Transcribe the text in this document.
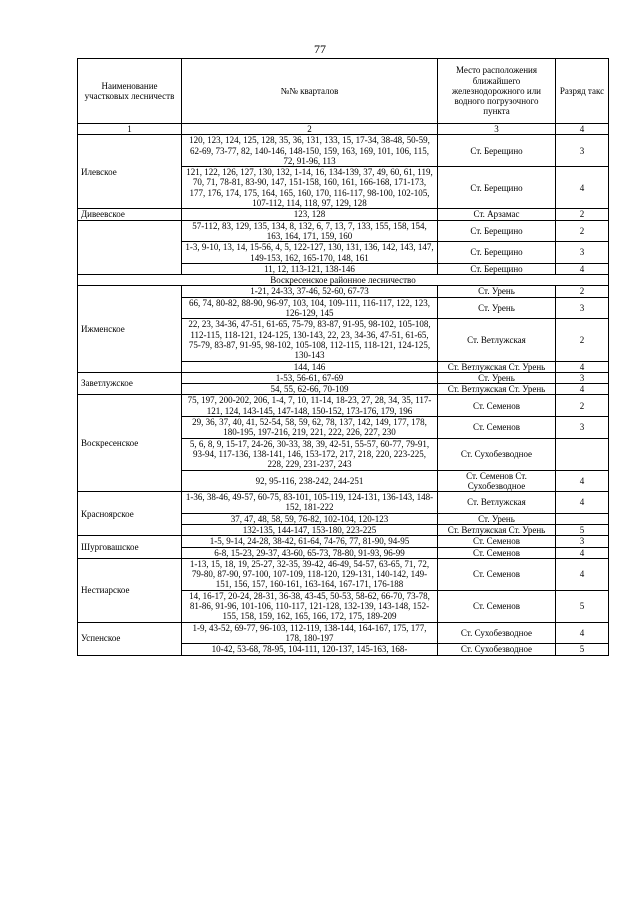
77
Наименование участковых лесничеств	№№ кварталов	Место расположения ближайшего железнодорожного или водного погрузочного пункта	Разряд такс
1	2	3	4
Илевское	120, 123, 124, 125, 128, 35, 36, 131, 133, 15, 17-34, 38-48, 50-59, 62-69, 73-77, 82, 140-146, 148-150, 159, 163, 169, 101, 106, 115, 72, 91-96, 113	Ст. Берещино	3
	121, 122, 126, 127, 130, 132, 1-14, 16, 134-139, 37, 49, 60, 61, 119, 70, 71, 78-81, 83-90, 147, 151-158, 160, 161, 166-168, 171-173, 177, 176, 174, 175, 164, 165, 160, 170, 116-117, 98-100, 102-105, 107-112, 114, 118, 97, 129, 128	Ст. Берещино	4
Дивеевское	123, 128	Ст. Арзамас	2
	57-112, 83, 129, 135, 134, 8, 132, 6, 7, 13, 7, 133, 155, 158, 154, 163, 164, 171, 159, 160	Ст. Берещино	2
	1-3, 9-10, 13, 14, 15-56, 4, 5, 122-127, 130, 131, 136, 142, 143, 147, 149-153, 162, 165-170, 148, 161	Ст. Берещино	3
	11, 12, 113-121, 138-146	Ст. Берещино	4
Воскресенское районное лесничество			
Ижменское	1-21, 24-33, 37-46, 52-60, 67-73	Ст. Урень	2
	66, 74, 80-82, 88-90, 96-97, 103, 104, 109-111, 116-117, 122, 123, 126-129, 145	Ст. Урень	3
	22, 23, 34-36, 47-51, 61-65, 75-79, 83-87, 91-95, 98-102, 105-108, 112-115, 118-121, 124-125, 130-143, 22, 23, 34-36, 47-51, 61-65, 75-79, 83-87, 91-95, 98-102, 105-108, 112-115, 118-121, 124-125, 130-143	Ст. Ветлужская	2
	144, 146	Ст. Ветлужская Ст. Урень	4
Заветлужское	1-53, 56-61, 67-69	Ст. Урень	3
	54, 55, 62-66, 70-109	Ст. Ветлужская Ст. Урень	4
Воскресенское	75, 197, 200-202, 206, 1-4, 7, 10, 11-14, 18-23, 27, 28, 34, 35, 117-121, 124, 143-145, 147-148, 150-152, 173-176, 179, 196	Ст. Семенов	2
	29, 36, 37, 40, 41, 52-54, 58, 59, 62, 78, 137, 142, 149, 177, 178, 180-195, 197-216, 219, 221, 222, 226, 227, 230	Ст. Семенов	3
	5, 6, 8, 9, 15-17, 24-26, 30-33, 38, 39, 42-51, 55-57, 60-77, 79-91, 93-94, 117-136, 138-141, 146, 153-172, 217, 218, 220, 223-225, 228, 229, 231-237, 243	Ст. Сухобезводное	
	92, 95-116, 238-242, 244-251	Ст. Семенов Ст. Сухобезводное	4
Красноярское	1-36, 38-46, 49-57, 60-75, 83-101, 105-119, 124-131, 136-143, 148-152, 181-222	Ст. Ветлужская	4
	37, 47, 48, 58, 59, 76-82, 102-104, 120-123	Ст. Урень	
	132-135, 144-147, 153-180, 223-225	Ст. Ветлужская Ст. Урень	5
Шурговашское	1-5, 9-14, 24-28, 38-42, 61-64, 74-76, 77, 81-90, 94-95	Ст. Семенов	3
	6-8, 15-23, 29-37, 43-60, 65-73, 78-80, 91-93, 96-99	Ст. Семенов	4
Нестиарское	1-13, 15, 18, 19, 25-27, 32-35, 39-42, 46-49, 54-57, 63-65, 71, 72, 79-80, 87-90, 97-100, 107-109, 118-120, 129-131, 140-142, 149-151, 156, 157, 160-161, 163-164, 167-171, 176-188	Ст. Семенов	4
	14, 16-17, 20-24, 28-31, 36-38, 43-45, 50-53, 58-62, 66-70, 73-78, 81-86, 91-96, 101-106, 110-117, 121-128, 132-139, 143-148, 152-155, 158, 159, 162, 165, 166, 172, 175, 189-209	Ст. Семенов	5
Успенское	1-9, 43-52, 69-77, 96-103, 112-119, 138-144, 164-167, 175, 177, 178, 180-197	Ст. Сухобезводное	4
	10-42, 53-68, 78-95, 104-111, 120-137, 145-163, 168-	Ст. Сухобезводное	5
